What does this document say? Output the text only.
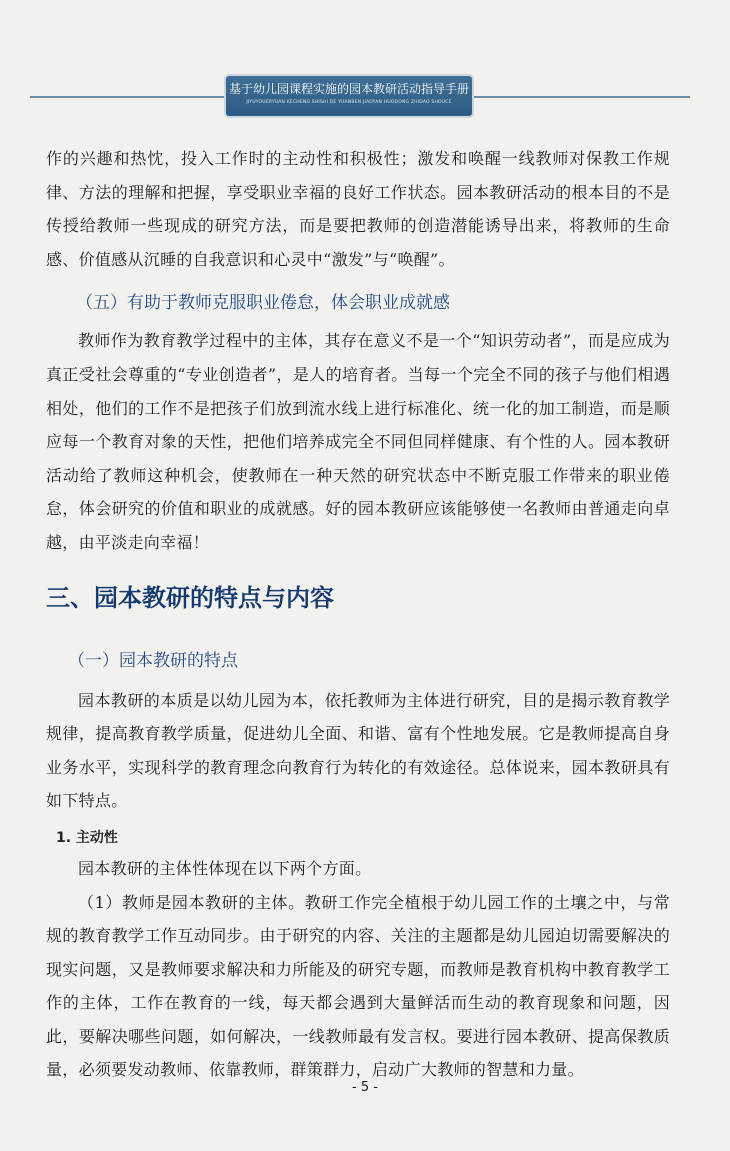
基于幼儿园课程实施的园本教研活动指导手册
JIYUYOUERYUAN KECHENG SHISHI DE YUANBEN JIAOYAN HUODONG ZHIDAO SHOUCE

作的兴趣和热忱，投入工作时的主动性和积极性；激发和唤醒一线教师对保教工作规律、方法的理解和把握，享受职业幸福的良好工作状态。园本教研活动的根本目的不是传授给教师一些现成的研究方法，而是要把教师的创造潜能诱导出来，将教师的生命感、价值感从沉睡的自我意识和心灵中“激发”与“唤醒”。

（五）有助于教师克服职业倦怠，体会职业成就感

教师作为教育教学过程中的主体，其存在意义不是一个“知识劳动者”，而是应成为真正受社会尊重的“专业创造者”，是人的培育者。当每一个完全不同的孩子与他们相遇相处，他们的工作不是把孩子们放到流水线上进行标准化、统一化的加工制造，而是顺应每一个教育对象的天性，把他们培养成完全不同但同样健康、有个性的人。园本教研活动给了教师这种机会，使教师在一种天然的研究状态中不断克服工作带来的职业倦怠，体会研究的价值和职业的成就感。好的园本教研应该能够使一名教师由普通走向卓越，由平淡走向幸福！

三、园本教研的特点与内容
（一）园本教研的特点

园本教研的本质是以幼儿园为本，依托教师为主体进行研究，目的是揭示教育教学规律，提高教育教学质量，促进幼儿全面、和谐、富有个性地发展。它是教师提高自身业务水平，实现科学的教育理念向教育行为转化的有效途径。总体说来，园本教研具有如下特点。

1. 主动性

园本教研的主体性体现在以下两个方面。

（1）教师是园本教研的主体。教研工作完全植根于幼儿园工作的土壤之中，与常规的教育教学工作互动同步。由于研究的内容、关注的主题都是幼儿园迫切需要解决的现实问题，又是教师要求解决和力所能及的研究专题，而教师是教育机构中教育教学工作的主体，工作在教育的一线，每天都会遇到大量鲜活而生动的教育现象和问题，因此，要解决哪些问题，如何解决，一线教师最有发言权。要进行园本教研、提高保教质量，必须要发动教师、依靠教师，群策群力，启动广大教师的智慧和力量。

- 5 -
